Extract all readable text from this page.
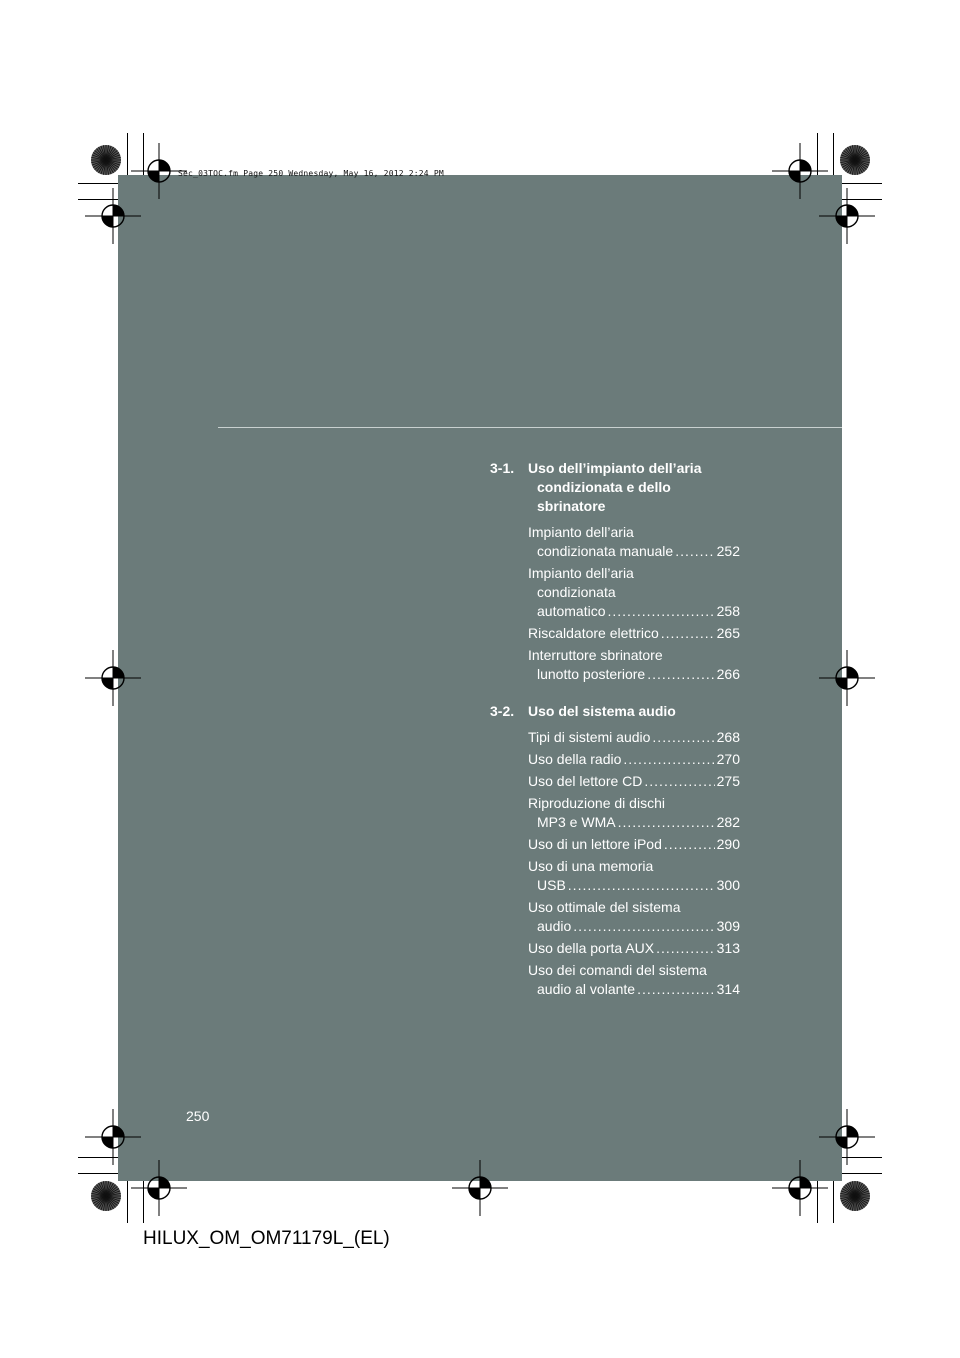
Sec_03TOC.fm Page 250 Wednesday, May 16, 2012 2:24 PM
3-1. Uso dell’impianto dell’aria
condizionata e dello
sbrinatore
Impianto dell’aria
condizionata manuale .....	252
Impianto dell’aria
condizionata
automatico .....	258
Riscaldatore elettrico .....	265
Interruttore sbrinatore
lunotto posteriore .....	266
3-2. Uso del sistema audio
Tipi di sistemi audio .....	268
Uso della radio .....	270
Uso del lettore CD .....	275
Riproduzione di dischi
MP3 e WMA .....	282
Uso di un lettore iPod .....	290
Uso di una memoria
USB .....	300
Uso ottimale del sistema
audio .....	309
Uso della porta AUX .....	313
Uso dei comandi del sistema
audio al volante .....	314
250
HILUX_OM_OM71179L_(EL)
